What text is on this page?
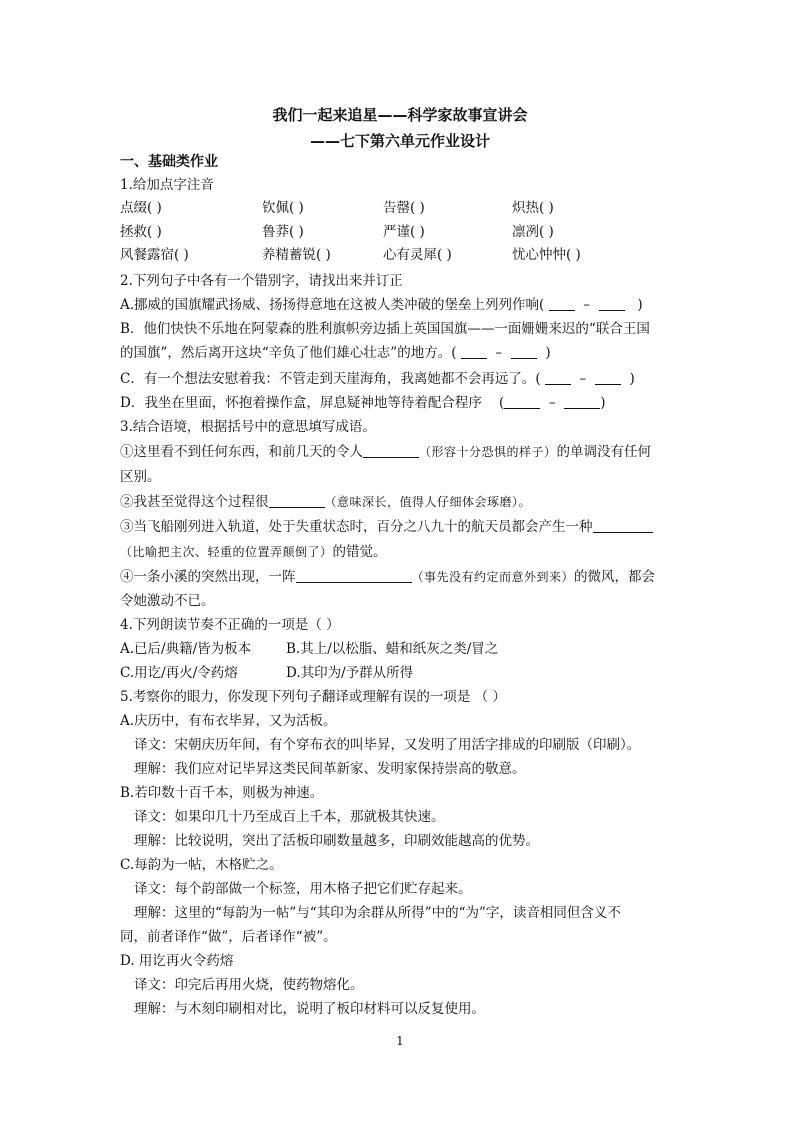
我们一起来追星——科学家故事宣讲会
——七下第六单元作业设计
一、基础类作业
1.给加点字注音
点缀( )	钦佩( )	告罄( )	炽热( )
拯救( )	鲁莽( )	严谨( )	凛冽( )
风餐露宿( )	养精蓄锐( )	心有灵犀( )	忧心忡忡( )
2.下列句子中各有一个错别字，请找出来并订正
A.挪威的国旗耀武扬威、扬扬得意地在这被人类冲破的堡垒上列列作响(	–	)
B．他们快快不乐地在阿蒙森的胜利旗帜旁边插上英国国旗——一面姗姗来迟的“联合王国
的国旗”，然后离开这块“辛负了他们雄心壮志”的地方。(	–	)
C．有一个想法安慰着我：不管走到天崖海角，我离她都不会再远了。(	–	)
D．我坐在里面，怀抱着操作盒，屏息疑神地等待着配合程序 (	–	)
3.结合语境，根据括号中的意思填写成语。
①这里看不到任何东西，和前几天的令人	（形容十分恐惧的样子）的单调没有任何
区别。
②我甚至觉得这个过程很	（意味深长，值得人仔细体会琢磨）。
③当飞船刚列进入轨道，处于失重状态时，百分之八九十的航天员都会产生一种
（比喻把主次、轻重的位置弄颠倒了）的错觉。
④一条小溪的突然出现，一阵	（事先没有约定而意外到来）的微风，都会
令她激动不已。
4.下列朗读节奏不正确的一项是（ ）
A.已后/典籍/皆为板本	B.其上/以松脂、蜡和纸灰之类/冒之
C.用讫/再火/令药熔	D.其印为/予群从所得
5.考察你的眼力，你发现下列句子翻译或理解有误的一项是 （ ）
A.庆历中，有布衣毕昇，又为活板。
译文：宋朝庆历年间，有个穿布衣的叫毕昇，又发明了用活字排成的印刷版（印刷）。
理解：我们应对记毕昇这类民间革新家、发明家保持崇高的敬意。
B.若印数十百千本，则极为神速。
译文：如果印几十乃至成百上千本，那就极其快速。
理解：比较说明，突出了活板印刷数量越多，印刷效能越高的优势。
C.每韵为一帖，木格贮之。
译文：每个韵部做一个标签，用木格子把它们贮存起来。
理解：这里的“每韵为一帖”与“其印为余群从所得”中的“为”字，读音相同但含义不
同，前者译作“做”，后者译作“被”。
D. 用讫再火令药熔
译文：印完后再用火烧，使药物熔化。
理解：与木刻印刷相对比，说明了板印材料可以反复使用。
1
